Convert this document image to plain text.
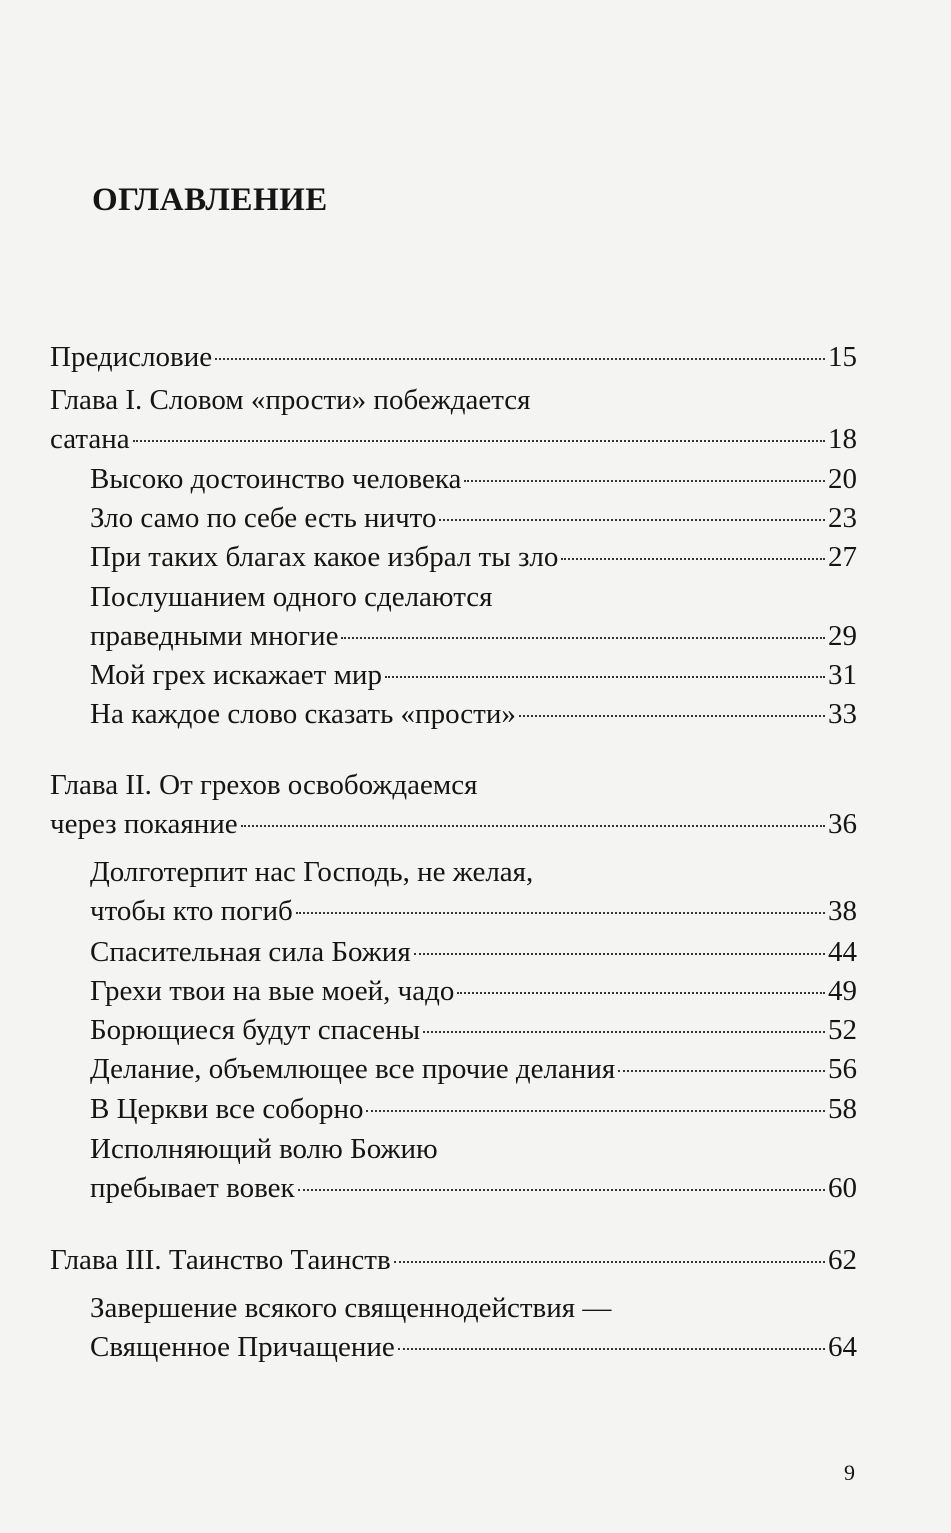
ОГЛАВЛЕНИЕ
Предисловие	15
Глава I. Словом «прости» побеждается
сатана	18
Высоко достоинство человека	20
Зло само по себе есть ничто	23
При таких благах какое избрал ты зло	27
Послушанием одного сделаются
праведными многие	29
Мой грех искажает мир	31
На каждое слово сказать «прости»	33
Глава II. От грехов освобождаемся
через покаяние	36
Долготерпит нас Господь, не желая,
чтобы кто погиб	38
Спасительная сила Божия	44
Грехи твои на вые моей, чадо	49
Борющиеся будут спасены	52
Делание, объемлющее все прочие делания	56
В Церкви все соборно	58
Исполняющий волю Божию
пребывает вовек	60
Глава III. Таинство Таинств	62
Завершение всякого священнодействия —
Священное Причащение	64
9
